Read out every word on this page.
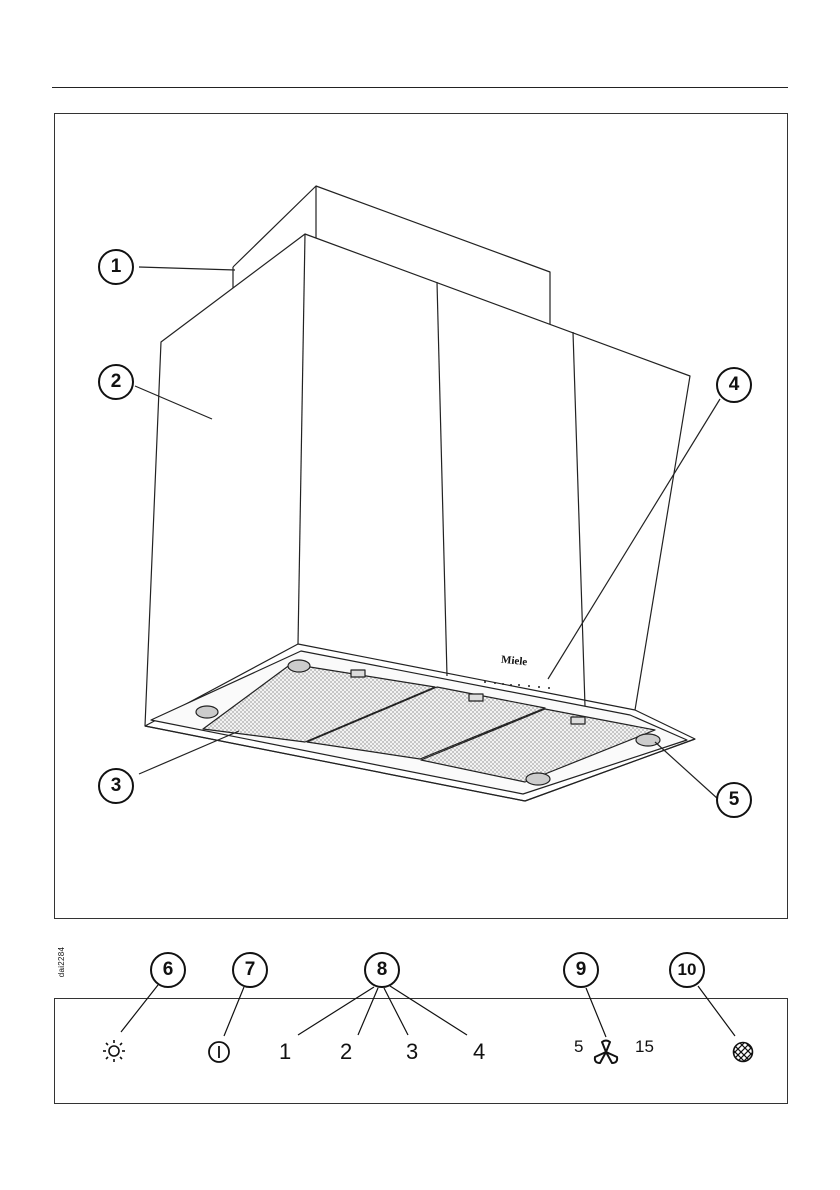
Miele
1
2	4
3
5
dai2284	6	7	8	9	10
1 2 3 4	5	15
